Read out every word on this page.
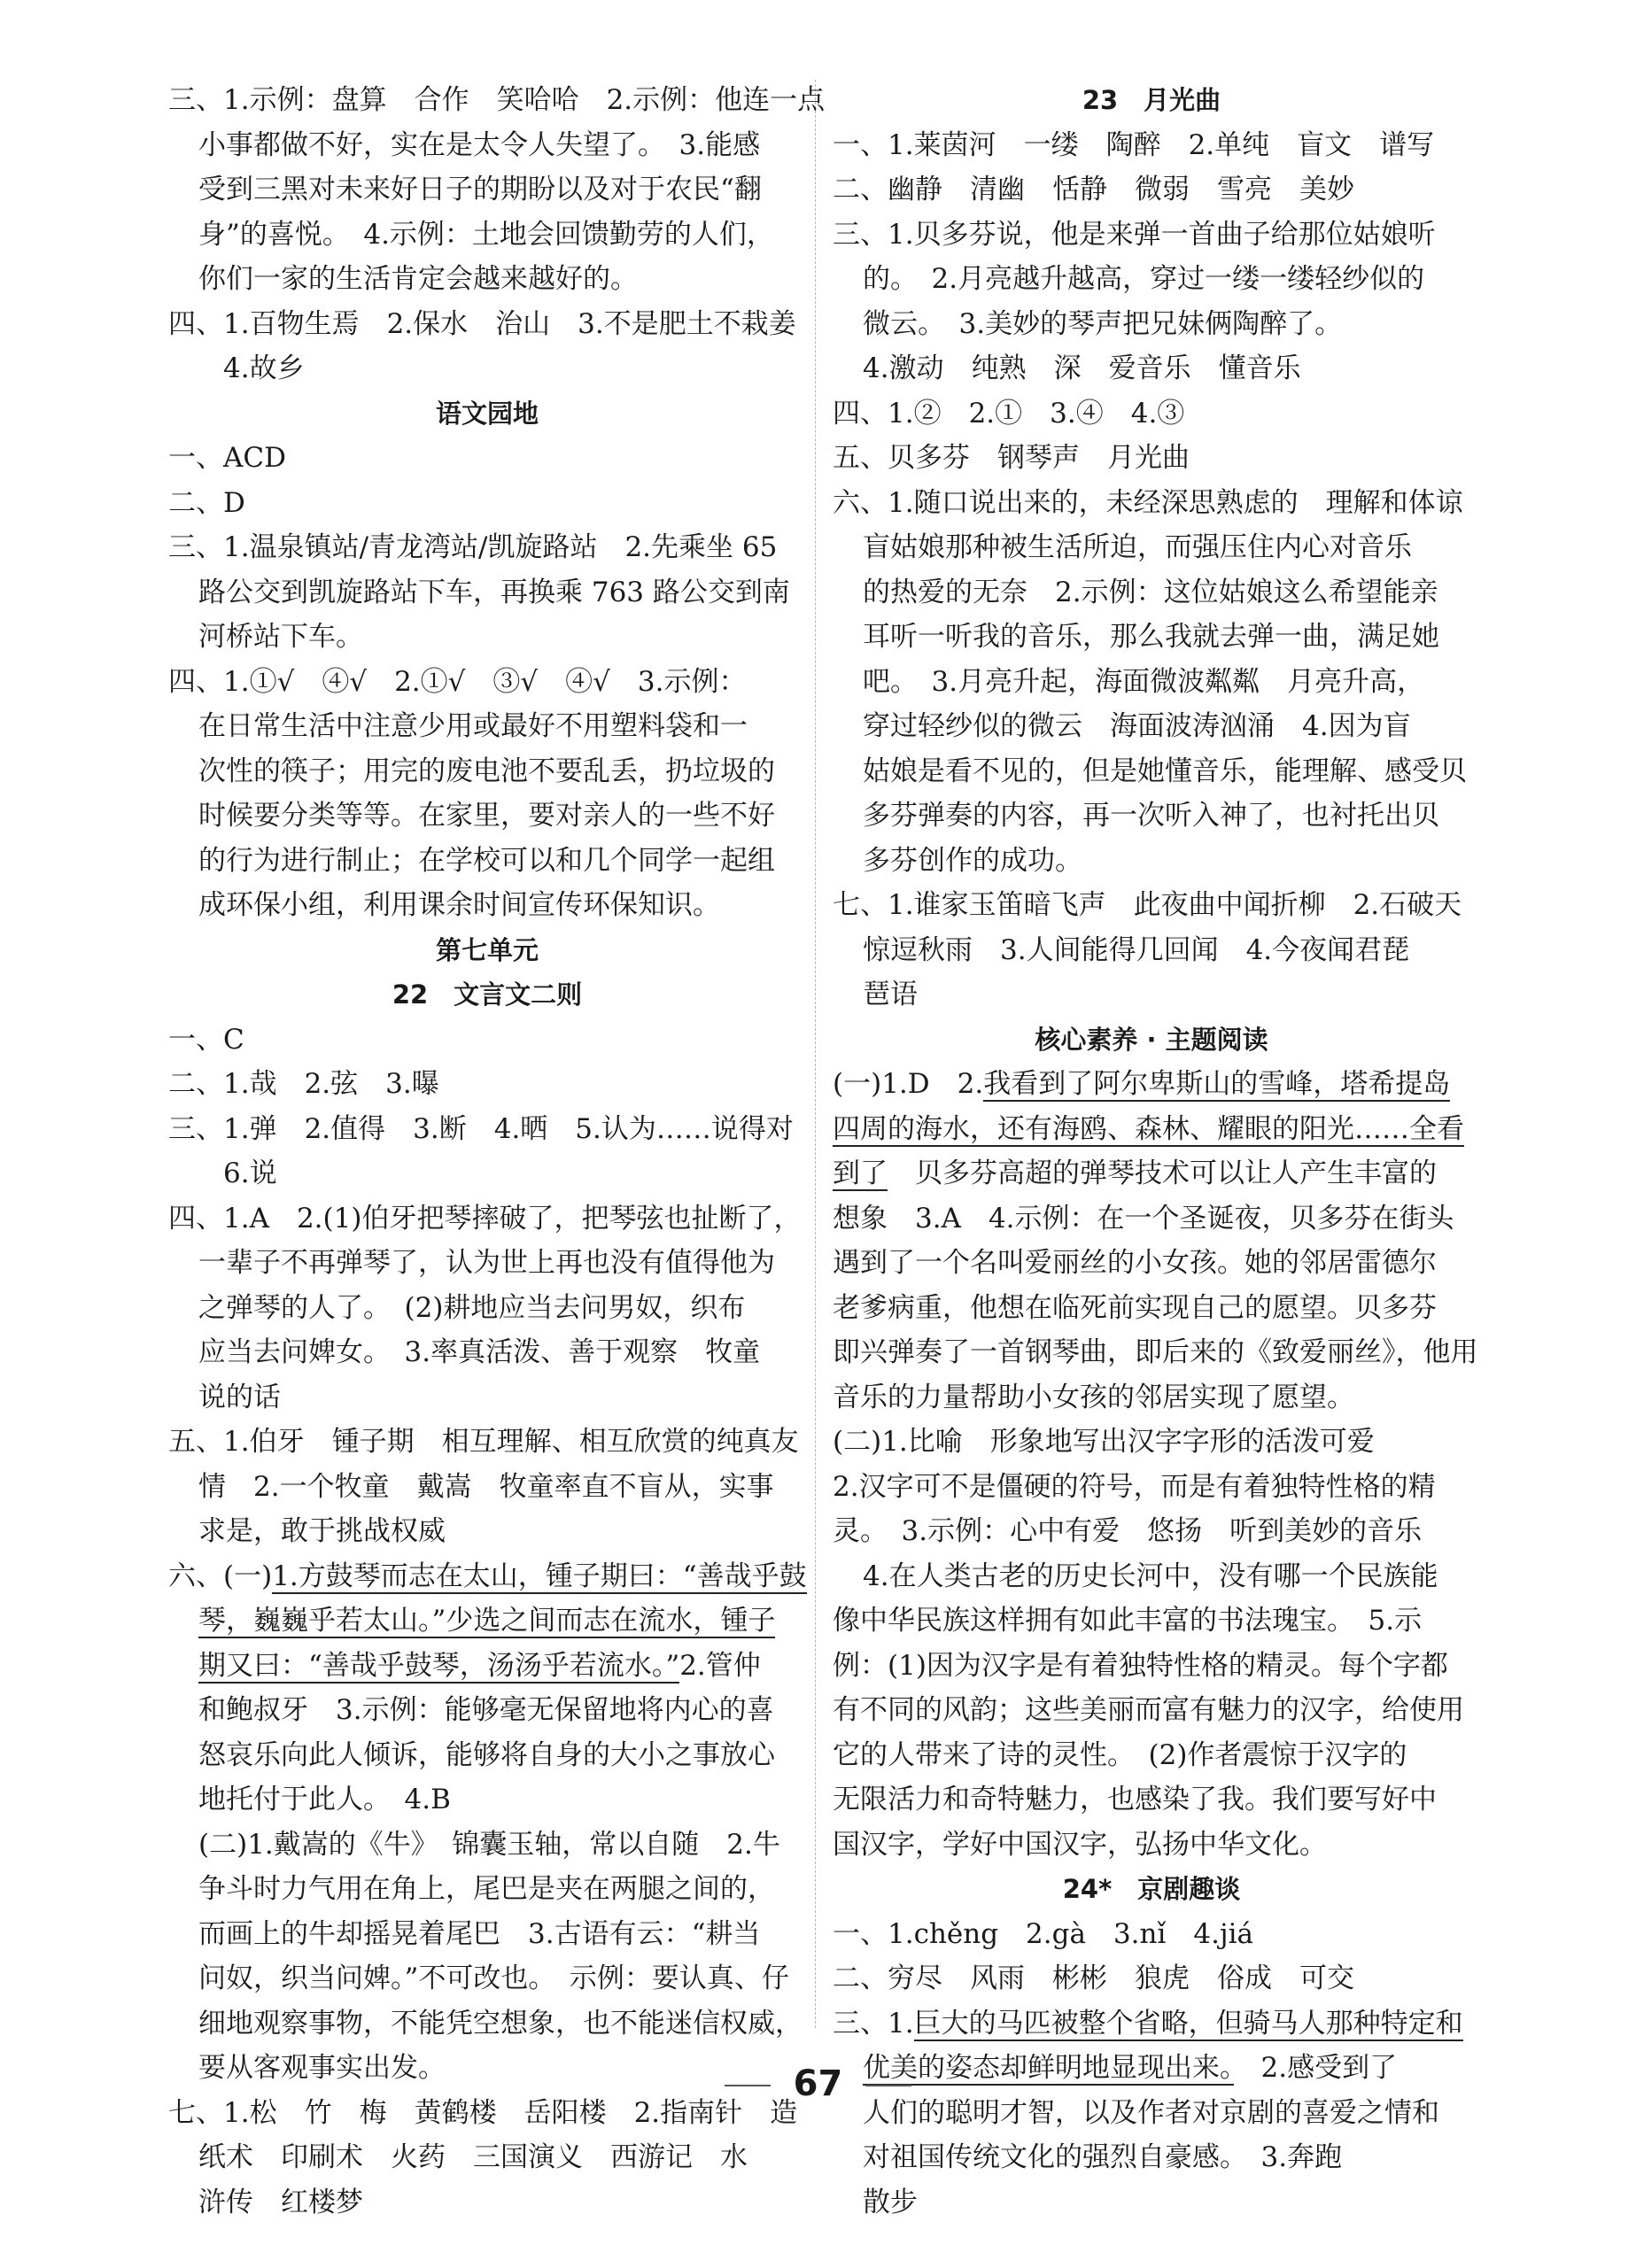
三、1.示例：盘算　合作　笑哈哈　2.示例：他连一点

小事都做不好，实在是太令人失望了。　3.能感

受到三黑对未来好日子的期盼以及对于农民“翻

身”的喜悦。　4.示例：土地会回馈勤劳的人们，

你们一家的生活肯定会越来越好的。

四、1.百物生焉　2.保水　治山　3.不是肥土不栽姜

4.故乡

语文园地

一、ACD

二、D

三、1.温泉镇站/青龙湾站/凯旋路站　2.先乘坐 65

路公交到凯旋路站下车，再换乘 763 路公交到南

河桥站下车。

四、1.①√　④√　2.①√　③√　④√　3.示例：

在日常生活中注意少用或最好不用塑料袋和一

次性的筷子；用完的废电池不要乱丢，扔垃圾的

时候要分类等等。在家里，要对亲人的一些不好

的行为进行制止；在学校可以和几个同学一起组

成环保小组，利用课余时间宣传环保知识。

第七单元

22　文言文二则

一、C

二、1.哉　2.弦　3.曝

三、1.弹　2.值得　3.断　4.晒　5.认为……说得对

6.说

四、1.A　2.(1)伯牙把琴摔破了，把琴弦也扯断了，

一辈子不再弹琴了，认为世上再也没有值得他为

之弹琴的人了。　(2)耕地应当去问男奴，织布

应当去问婢女。　3.率真活泼、善于观察　牧童

说的话

五、1.伯牙　锺子期　相互理解、相互欣赏的纯真友

情　2.一个牧童　戴嵩　牧童率直不盲从，实事

求是，敢于挑战权威

六、(一)1.方鼓琴而志在太山，锺子期曰：“善哉乎鼓

琴，巍巍乎若太山。”少选之间而志在流水，锺子

期又曰：“善哉乎鼓琴，汤汤乎若流水。”2.管仲

和鲍叔牙　3.示例：能够毫无保留地将内心的喜

怒哀乐向此人倾诉，能够将自身的大小之事放心

地托付于此人。　4.B

(二)1.戴嵩的《牛》　锦囊玉轴，常以自随　2.牛

争斗时力气用在角上，尾巴是夹在两腿之间的，

而画上的牛却摇晃着尾巴　3.古语有云：“耕当

问奴，织当问婢。”不可改也。　示例：要认真、仔

细地观察事物，不能凭空想象，也不能迷信权威，

要从客观事实出发。

七、1.松　竹　梅　黄鹤楼　岳阳楼　2.指南针　造

纸术　印刷术　火药　三国演义　西游记　水

浒传　红楼梦

23　月光曲

一、1.莱茵河　一缕　陶醉　2.单纯　盲文　谱写

二、幽静　清幽　恬静　微弱　雪亮　美妙

三、1.贝多芬说，他是来弹一首曲子给那位姑娘听

的。　2.月亮越升越高，穿过一缕一缕轻纱似的

微云。　3.美妙的琴声把兄妹俩陶醉了。

4.激动　纯熟　深　爱音乐　懂音乐

四、1.②　2.①　3.④　4.③

五、贝多芬　钢琴声　月光曲

六、1.随口说出来的，未经深思熟虑的　理解和体谅

盲姑娘那种被生活所迫，而强压住内心对音乐

的热爱的无奈　2.示例：这位姑娘这么希望能亲

耳听一听我的音乐，那么我就去弹一曲，满足她

吧。　3.月亮升起，海面微波粼粼　月亮升高，

穿过轻纱似的微云　海面波涛汹涌　4.因为盲

姑娘是看不见的，但是她懂音乐，能理解、感受贝

多芬弹奏的内容，再一次听入神了，也衬托出贝

多芬创作的成功。

七、1.谁家玉笛暗飞声　此夜曲中闻折柳　2.石破天

惊逗秋雨　3.人间能得几回闻　4.今夜闻君琵

琶语

核心素养 · 主题阅读

(一)1.D　2.我看到了阿尔卑斯山的雪峰，塔希提岛

四周的海水，还有海鸥、森林、耀眼的阳光……全看

到了　贝多芬高超的弹琴技术可以让人产生丰富的

想象　3.A　4.示例：在一个圣诞夜，贝多芬在街头

遇到了一个名叫爱丽丝的小女孩。她的邻居雷德尔

老爹病重，他想在临死前实现自己的愿望。贝多芬

即兴弹奏了一首钢琴曲，即后来的《致爱丽丝》，他用

音乐的力量帮助小女孩的邻居实现了愿望。

(二)1.比喻　形象地写出汉字字形的活泼可爱

2.汉字可不是僵硬的符号，而是有着独特性格的精

灵。　3.示例：心中有爱　悠扬　听到美妙的音乐

4.在人类古老的历史长河中，没有哪一个民族能

像中华民族这样拥有如此丰富的书法瑰宝。　5.示

例：(1)因为汉字是有着独特性格的精灵。每个字都

有不同的风韵；这些美丽而富有魅力的汉字，给使用

它的人带来了诗的灵性。　(2)作者震惊于汉字的

无限活力和奇特魅力，也感染了我。我们要写好中

国汉字，学好中国汉字，弘扬中华文化。

24*　京剧趣谈

一、1.chěng　2.gà　3.nǐ　4.jiá

二、穷尽　风雨　彬彬　狼虎　俗成　可交

三、1.巨大的马匹被整个省略，但骑马人那种特定和

优美的姿态却鲜明地显现出来。　2.感受到了

人们的聪明才智，以及作者对京剧的喜爱之情和

对祖国传统文化的强烈自豪感。　3.奔跑

散步

67
